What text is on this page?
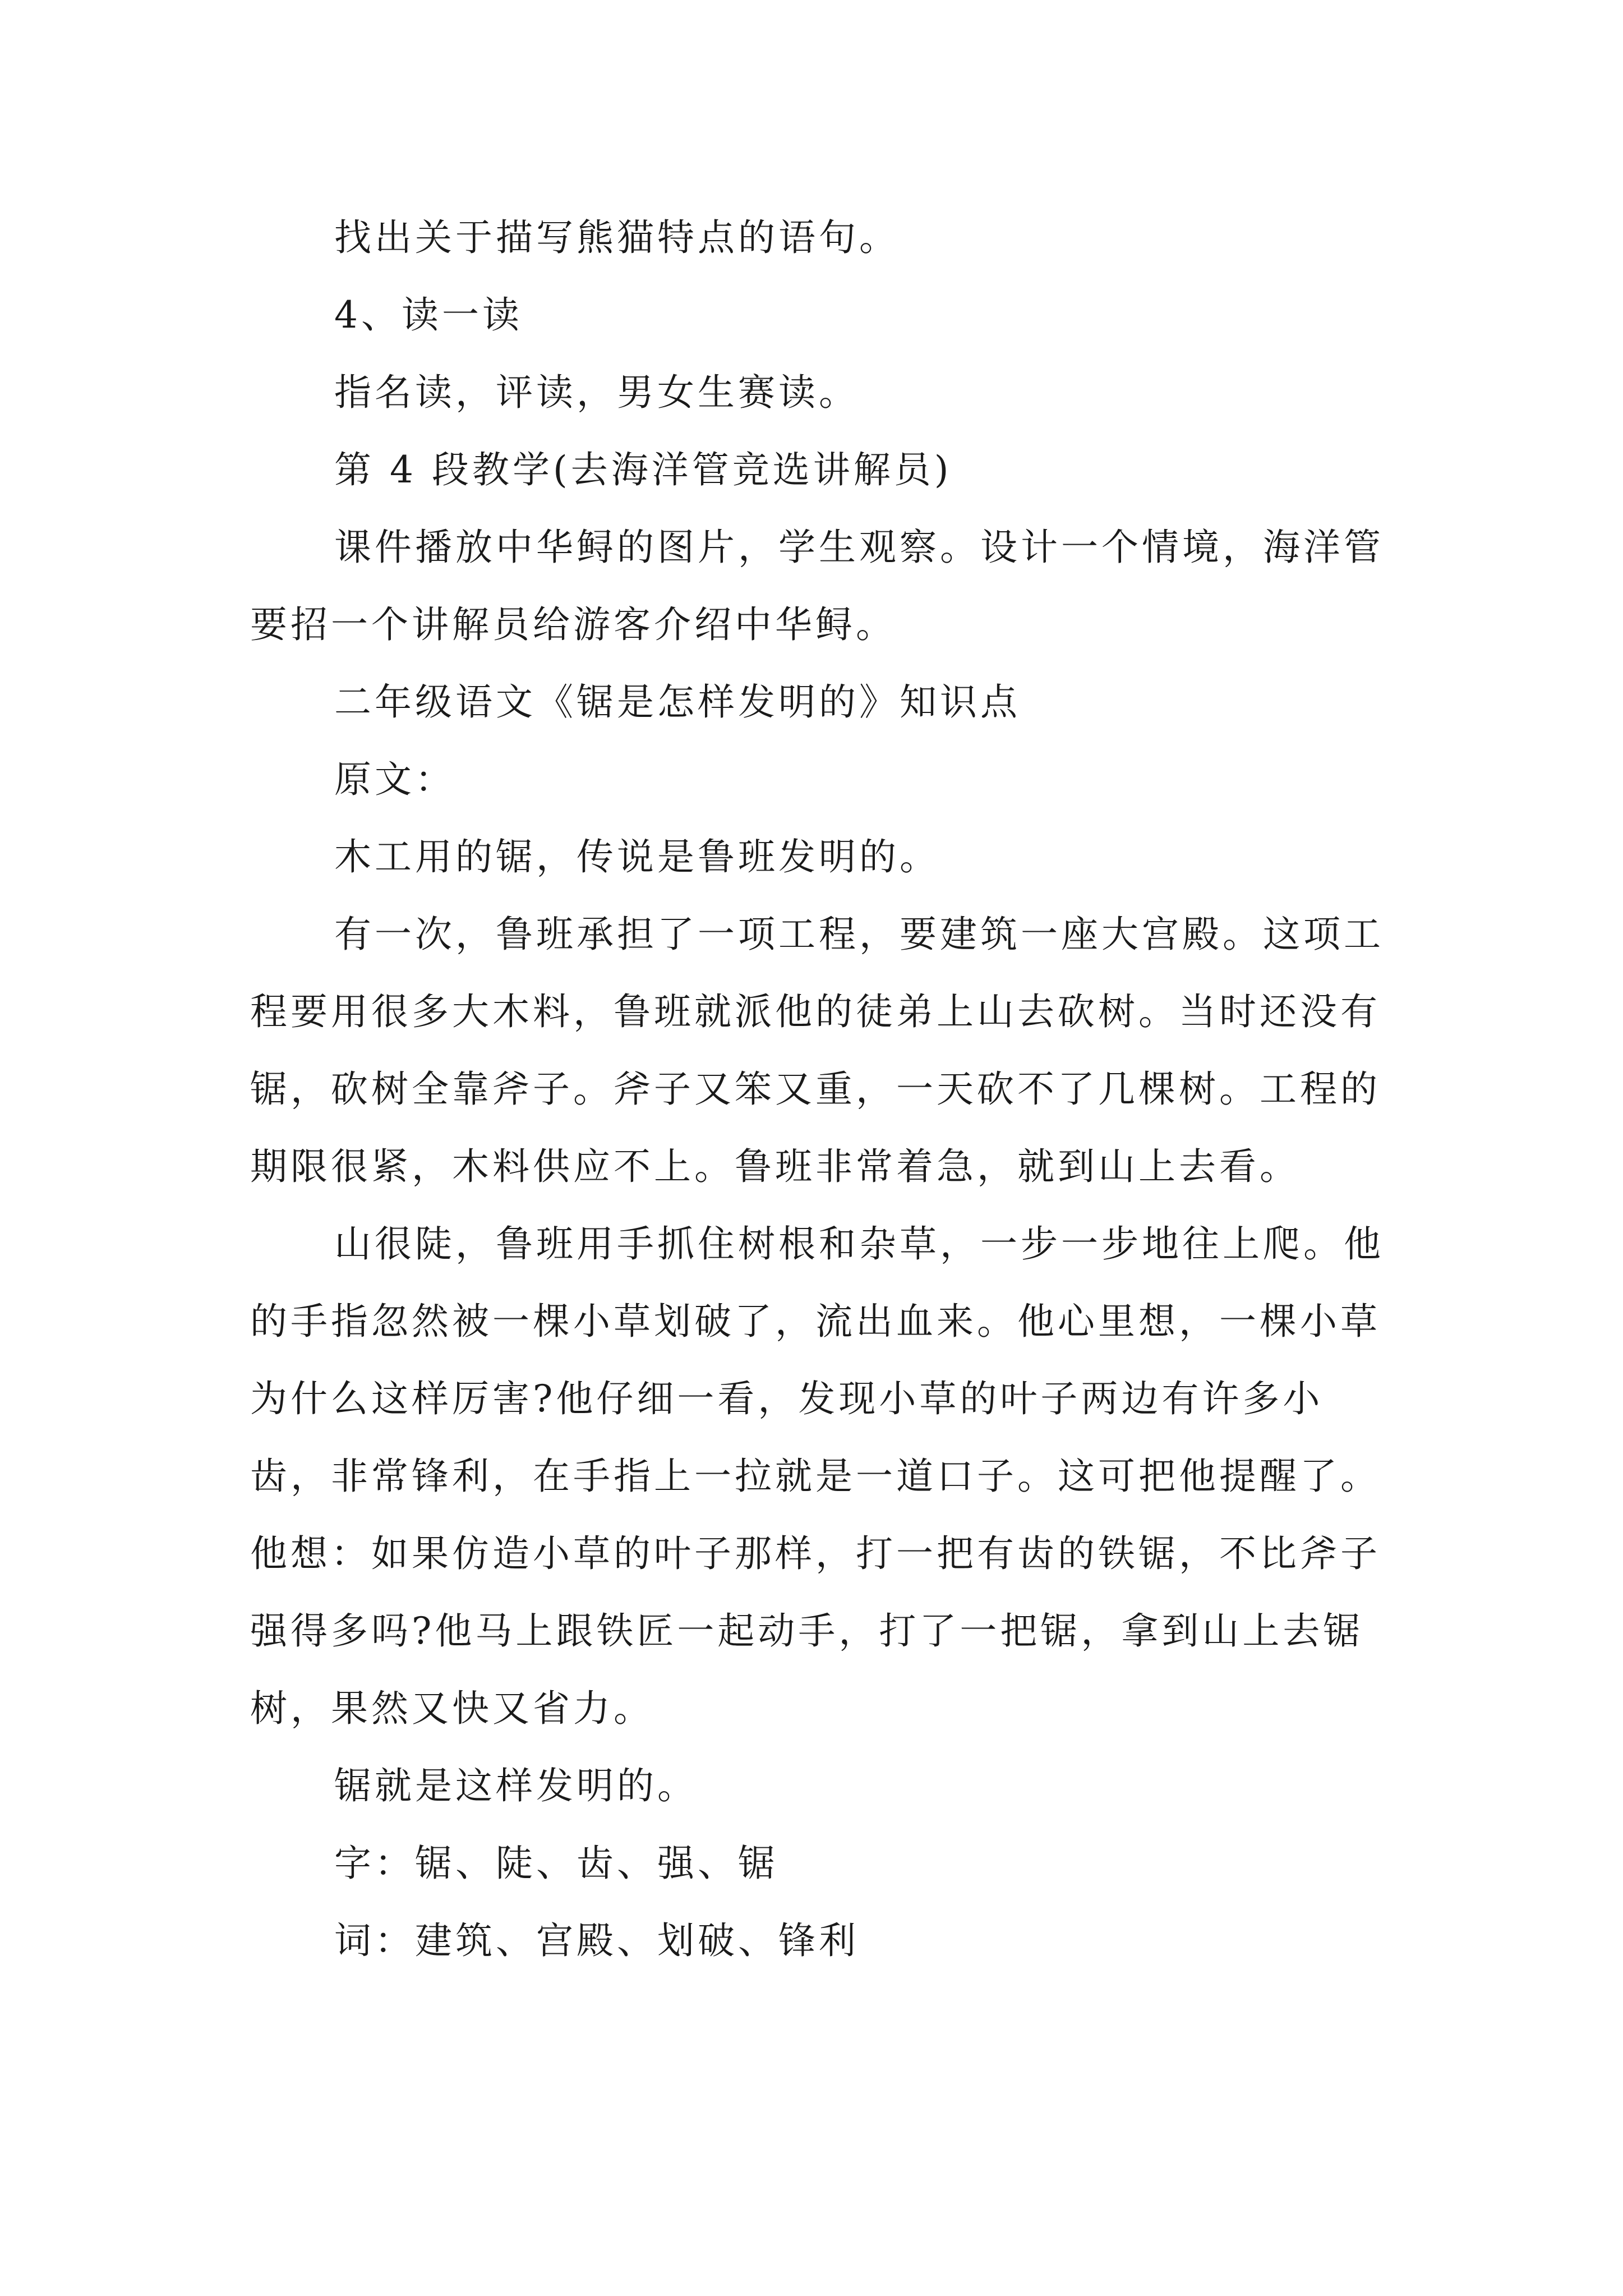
找出关于描写熊猫特点的语句。

4、读一读

指名读，评读，男女生赛读。

第 4 段教学(去海洋管竞选讲解员)

课件播放中华鲟的图片，学生观察。设计一个情境，海洋管要招一个讲解员给游客介绍中华鲟。

二年级语文《锯是怎样发明的》知识点

原文：

木工用的锯，传说是鲁班发明的。

有一次，鲁班承担了一项工程，要建筑一座大宫殿。这项工程要用很多大木料，鲁班就派他的徒弟上山去砍树。当时还没有锯，砍树全靠斧子。斧子又笨又重，一天砍不了几棵树。工程的期限很紧，木料供应不上。鲁班非常着急，就到山上去看。

山很陡，鲁班用手抓住树根和杂草，一步一步地往上爬。他的手指忽然被一棵小草划破了，流出血来。他心里想，一棵小草为什么这样厉害?他仔细一看，发现小草的叶子两边有许多小齿，非常锋利，在手指上一拉就是一道口子。这可把他提醒了。他想：如果仿造小草的叶子那样，打一把有齿的铁锯，不比斧子强得多吗?他马上跟铁匠一起动手，打了一把锯，拿到山上去锯树，果然又快又省力。

锯就是这样发明的。

字：锯、陡、齿、强、锯

词：建筑、宫殿、划破、锋利
